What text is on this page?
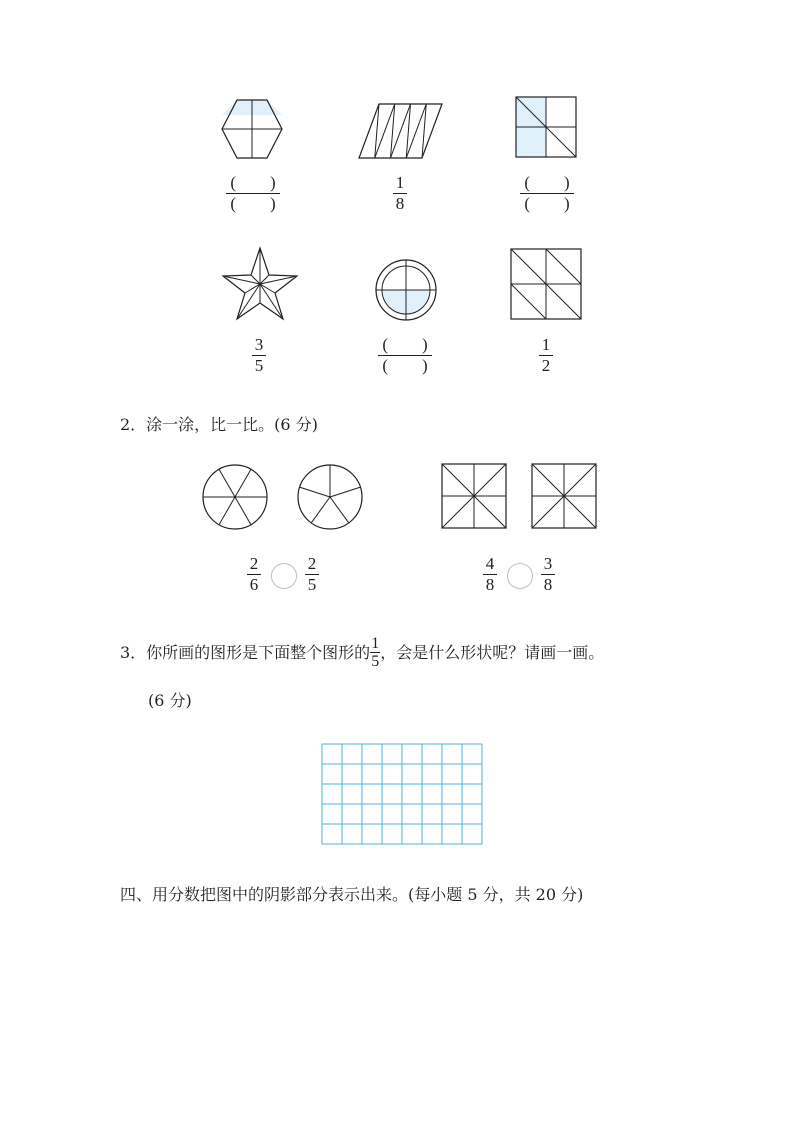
(　　)
(　　)
1
8
(　　)
(　　)
3
5
(　　)
(　　)
1
2
2．涂一涂，比一比。(6 分)
2
6
2
5
4
8
3
8
3．你所画的图形是下面整个图形的 $\frac{1}{5}$ ，会是什么形状呢？请画一画。
(6 分)
四、用分数把图中的阴影部分表示出来。(每小题 5 分，共 20 分)
